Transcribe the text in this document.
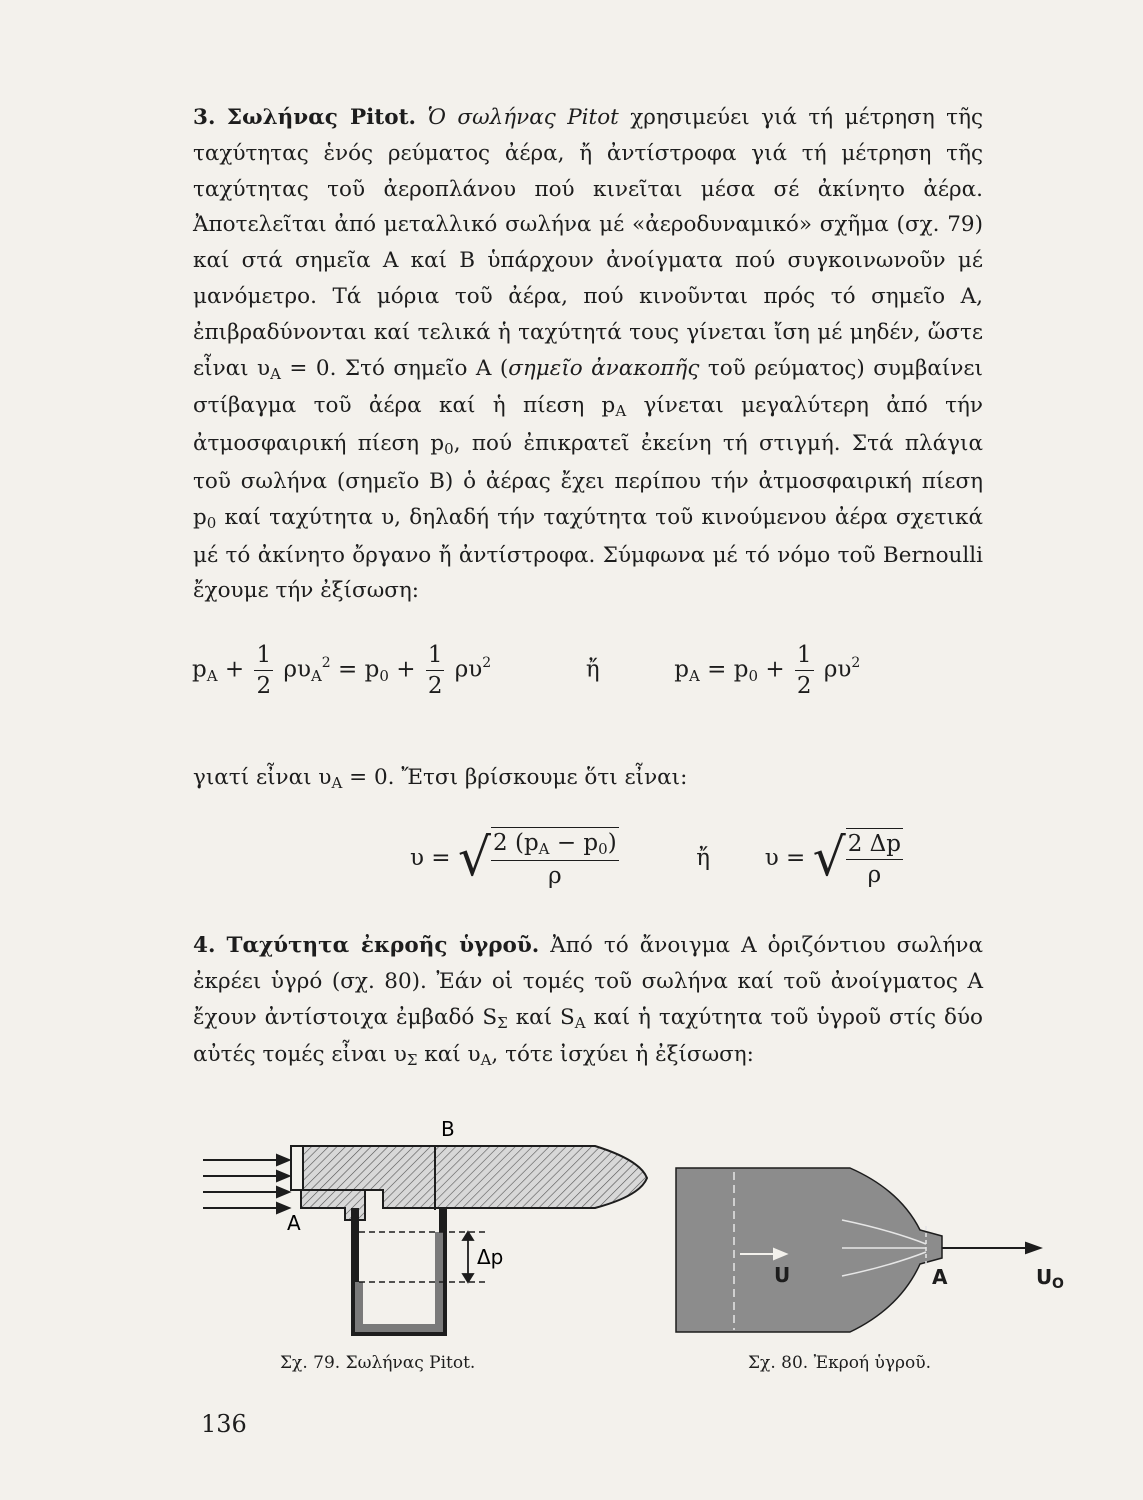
3. Σωλήνας Pitot. Ὁ σωλήνας Pitot χρησιμεύει γιά τή μέτρηση τῆς ταχύτητας ἑνός ρεύματος ἀέρα, ἤ ἀντίστροφα γιά τή μέτρηση τῆς ταχύτητας τοῦ ἀεροπλάνου πού κινεῖται μέσα σέ ἀκίνητο ἀέρα. Ἀποτελεῖται ἀπό μεταλλικό σωλήνα μέ «ἀεροδυναμικό» σχῆμα (σχ. 79) καί στά σημεῖα Α καί Β ὑπάρχουν ἀνοίγματα πού συγκοινωνοῦν μέ μανόμετρο. Τά μόρια τοῦ ἀέρα, πού κινοῦνται πρός τό σημεῖο Α, ἐπιβραδύνονται καί τελικά ἡ ταχύτητά τους γίνεται ἴση μέ μηδέν, ὥστε εἶναι υA = 0. Στό σημεῖο Α (σημεῖο ἀνακοπῆς τοῦ ρεύματος) συμβαίνει στίβαγμα τοῦ ἀέρα καί ἡ πίεση pA γίνεται μεγαλύτερη ἀπό τήν ἀτμοσφαιρική πίεση p0, πού ἐπικρατεῖ ἐκείνη τή στιγμή. Στά πλάγια τοῦ σωλήνα (σημεῖο Β) ὁ ἀέρας ἔχει περίπου τήν ἀτμοσφαιρική πίεση p0 καί ταχύτητα υ, δηλαδή τήν ταχύτητα τοῦ κινούμενου ἀέρα σχετικά μέ τό ἀκίνητο ὄργανο ἤ ἀντίστροφα. Σύμφωνα μέ τό νόμο τοῦ Bernoulli ἔχουμε τήν ἐξίσωση:

pA + $\frac{1}{2} \rho\upsilon A^2 = p0 + \frac{1}{2} \rho\upsilon^2$	ἤ	pA = $p0 + \frac{1}{2} \rho\upsilon^2$

γιατί εἶναι υA = 0. Ἔτσι βρίσκουμε ὅτι εἶναι:

υ = √ $\frac{2 (pA - p0)}{\rho}$	ἤ υ = √ $\frac{2 \Delta p}{\rho}$

4. Ταχύτητα ἐκροῆς ὑγροῦ. Ἀπό τό ἄνοιγμα Α ὁριζόντιου σωλήνα ἐκρέει ὑγρό (σχ. 80). Ἐάν οἱ τομές τοῦ σωλήνα καί τοῦ ἀνοίγματος Α ἔχουν ἀντίστοιχα ἐμβαδό SΣ καί SA καί ἡ ταχύτητα τοῦ ὑγροῦ στίς δύο αὐτές τομές εἶναι υΣ καί υA, τότε ἰσχύει ἡ ἐξίσωση:

Δp
A
B
U	A	U O
Σχ. 79. Σωλήνας Pitot.	Σχ. 80. Ἐκροή ὑγροῦ.
136
